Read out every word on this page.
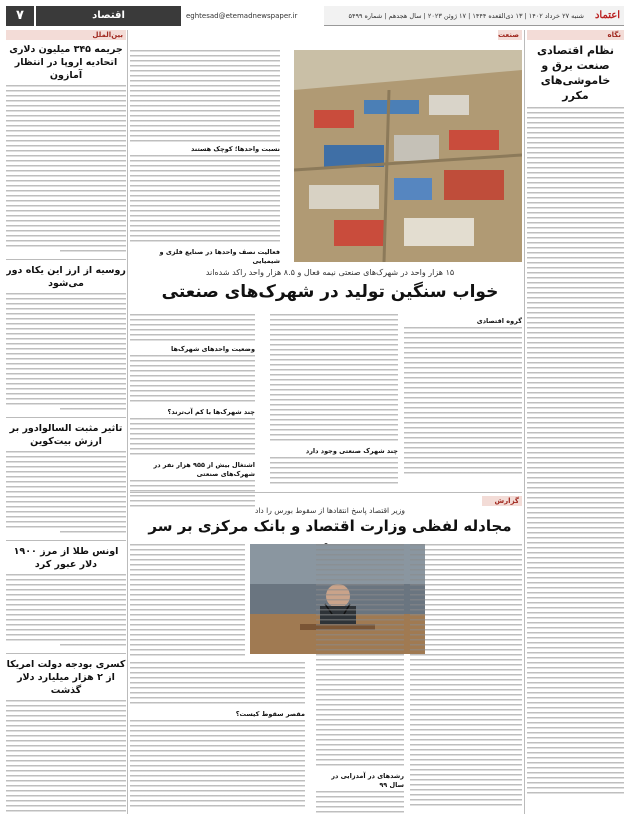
۷	اقتصاد	eghtesad@etemadnewspaper.ir	شنبه ۲۷ خرداد ۱۴۰۲ | ۱۳ ذی‌القعده ۱۴۴۴ | ۱۷ ژوئن ۲۰۲۳ | سال هجدهم | شماره ۵۴۹۹ اعتماد
نگاه
نظام اقتصادی صنعت برق و خاموشی‌های مکرر
بین‌الملل
جریمه ۳۴۵ میلیون دلاری اتحادیه اروپا در انتظار آمازون
روسیه از ارز این یکاه دور می‌شود
تاثیر مثبت السالوادور بر ارزش بیت‌کوین
اونس طلا از مرز ۱۹۰۰ دلار عبور کرد
کسری بودجه دولت امریکا از ۲ هزار میلیارد دلار گذشت
صنعت
نسبت واحدها؛ کوچک هستند
فعالیت نصف واحدها در صنایع فلزی و شیمیایی
۱۵ هزار واحد در شهرک‌های صنعتی نیمه فعال و ۸.۵ هزار واحد راکد شده‌اند
خواب سنگین تولید در شهرک‌های صنعتی
گروه اقتصادی
چند شهرک صنعتی وجود دارد
وضعیت واحدهای شهرک‌ها
چند شهرک‌ها با کم آب‌ترند؟
اشتغال بیش از ۹۵۵ هزار نفر در شهرک‌های صنعتی
گزارش
وزیر اقتصاد پاسخ انتقادها از سقوط بورس را داد
مجادله لفظی وزارت اقتصاد و بانک مرکزی بر سر
رشدهای در آمدزایی در سال ۹۹
مقصر سقوط کیست؟
